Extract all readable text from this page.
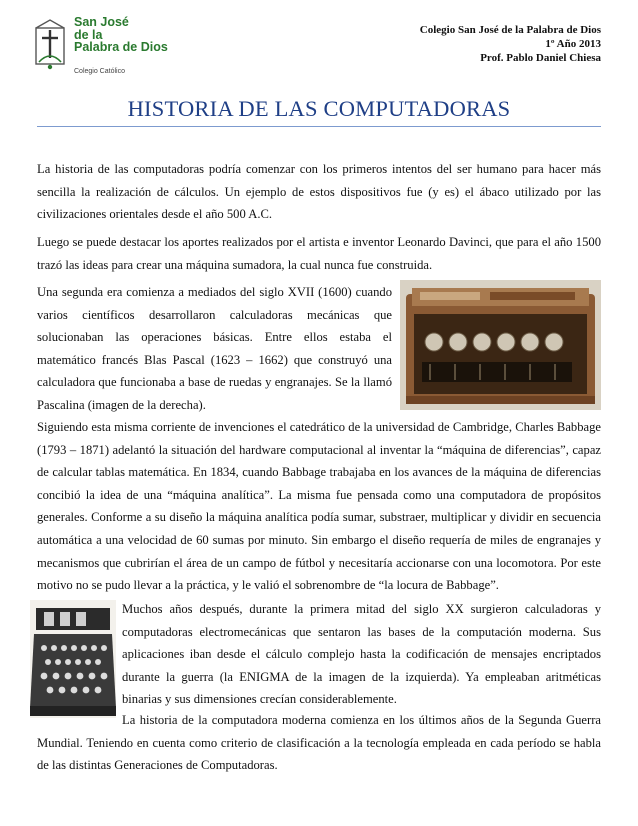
San José
de la
Palabra de Dios
Colegio Católico
Colegio San José de la Palabra de Dios
1º Año 2013
Prof. Pablo Daniel Chiesa
HISTORIA DE LAS COMPUTADORAS

La historia de las computadoras podría comenzar con los primeros intentos del ser humano para hacer más sencilla la realización de cálculos. Un ejemplo de estos dispositivos fue (y es) el ábaco utilizado por las civilizaciones orientales desde el año 500 A.C.

Luego se puede destacar los aportes realizados por el artista e inventor Leonardo Davinci, que para el año 1500 trazó las ideas para crear una máquina sumadora, la cual nunca fue construida.

Una segunda era comienza a mediados del siglo XVII (1600) cuando varios científicos desarrollaron calculadoras mecánicas que solucionaban las operaciones básicas. Entre ellos estaba el matemático francés Blas Pascal (1623 – 1662) que construyó una calculadora que funcionaba a base de ruedas y engranajes. Se la llamó Pascalina (imagen de la derecha).

Siguiendo esta misma corriente de invenciones el catedrático de la universidad de Cambridge, Charles Babbage (1793 – 1871) adelantó la situación del hardware computacional al inventar la “máquina de diferencias”, capaz de calcular tablas matemática. En 1834, cuando Babbage trabajaba en los avances de la máquina de diferencias concibió la idea de una “máquina analítica”. La misma fue pensada como una computadora de propósitos generales. Conforme a su diseño la máquina analítica podía sumar, substraer, multiplicar y dividir en secuencia automática a una velocidad de 60 sumas por minuto. Sin embargo el diseño requería de miles de engranajes y mecanismos que cubrirían el área de un campo de fútbol y necesitaría accionarse con una locomotora. Por este motivo no se pudo llevar a la práctica, y le valió el sobrenombre de “la locura de Babbage”.

Muchos años después, durante la primera mitad del siglo XX surgieron calculadoras y computadoras electromecánicas que sentaron las bases de la computación moderna. Sus aplicaciones iban desde el cálculo complejo hasta la codificación de mensajes encriptados durante la guerra (la ENIGMA de la imagen de la izquierda). Ya empleaban aritméticas binarias y sus dimensiones crecían considerablemente.

La historia de la computadora moderna comienza en los últimos años de la Segunda Guerra Mundial. Teniendo en cuenta como criterio de clasificación a la tecnología empleada en cada período se habla de las distintas Generaciones de Computadoras.
